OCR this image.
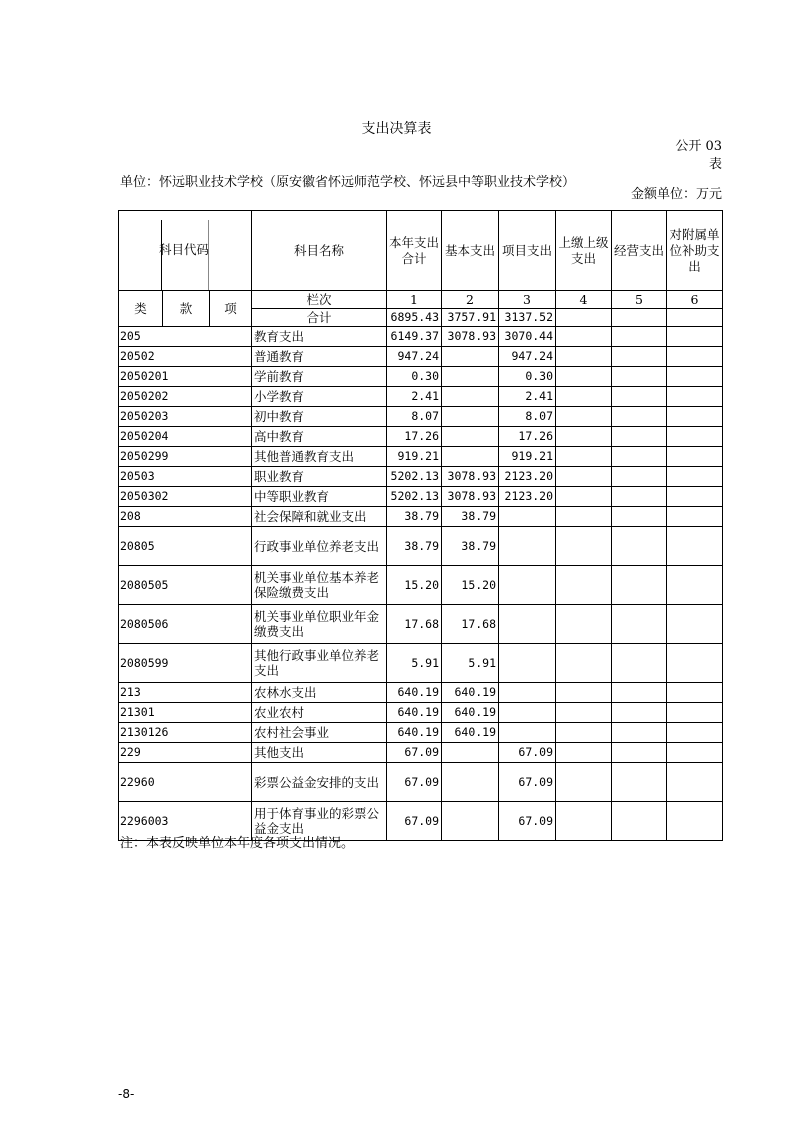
支出决算表
公开 03
表
单位：怀远职业技术学校（原安徽省怀远师范学校、怀远县中等职业技术学校）
金额单位：万元
科目代码			科目名称	本年支出合计	基本支出	项目支出	上缴上级支出	经营支出	对附属单位补助支出
类	款	项	栏次	1	2	3	4	5	6
			合计	6895.43	3757.91	3137.52			
205			教育支出	6149.37	3078.93	3070.44			
20502			普通教育	947.24		947.24			
2050201			学前教育	0.30		0.30			
2050202			小学教育	2.41		2.41			
2050203			初中教育	8.07		8.07			
2050204			高中教育	17.26		17.26			
2050299			其他普通教育支出	919.21		919.21			
20503			职业教育	5202.13	3078.93	2123.20			
2050302			中等职业教育	5202.13	3078.93	2123.20			
208			社会保障和就业支出	38.79	38.79				
20805			行政事业单位养老支出	38.79	38.79				
2080505			机关事业单位基本养老保险缴费支出	15.20	15.20				
2080506			机关事业单位职业年金缴费支出	17.68	17.68				
2080599			其他行政事业单位养老支出	5.91	5.91				
213			农林水支出	640.19	640.19				
21301			农业农村	640.19	640.19				
2130126			农村社会事业	640.19	640.19				
229			其他支出	67.09		67.09			
22960			彩票公益金安排的支出	67.09		67.09			
2296003			用于体育事业的彩票公益金支出	67.09		67.09			
注：本表反映单位本年度各项支出情况。
-8-
